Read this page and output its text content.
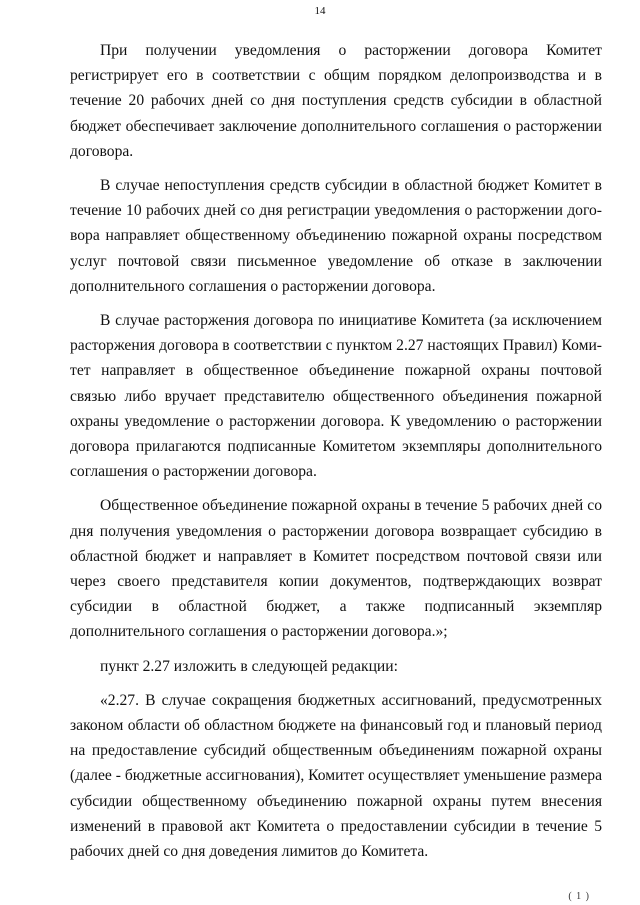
14

При получении уведомления о расторжении договора Комитет регистрирует его в соответствии с общим порядком делопроизводства и в течение 20 рабочих дней со дня поступления средств субсидии в областной бюджет обеспечивает заключение дополнительного соглашения о расторжении договора.

В случае непоступления средств субсидии в областной бюджет Комитет в течение 10 рабочих дней со дня регистрации уведомления о расторжении договора направляет общественному объединению пожарной охраны посредством услуг почтовой связи письменное уведомление об отказе в заключении дополнительного соглашения о расторжении договора.

В случае расторжения договора по инициативе Комитета (за исключением расторжения договора в соответствии с пунктом 2.27 настоящих Правил) Комитет направляет в общественное объединение пожарной охраны почтовой связью либо вручает представителю общественного объединения пожарной охраны уведомление о расторжении договора. К уведомлению о расторжении договора прилагаются подписанные Комитетом экземпляры дополнительного соглашения о расторжении договора.

Общественное объединение пожарной охраны в течение 5 рабочих дней со дня получения уведомления о расторжении договора возвращает субсидию в областной бюджет и направляет в Комитет посредством почтовой связи или через своего представителя копии документов, подтверждающих возврат субсидии в областной бюджет, а также подписанный экземпляр дополнительного соглашения о расторжении договора.»;

пункт 2.27 изложить в следующей редакции:

«2.27. В случае сокращения бюджетных ассигнований, предусмотренных законом области об областном бюджете на финансовый год и плановый период на предоставление субсидий общественным объединениям пожарной охраны (далее - бюджетные ассигнования), Комитет осуществляет уменьшение размера субсидии общественному объединению пожарной охраны путем внесения изменений в правовой акт Комитета о предоставлении субсидии в течение 5 рабочих дней со дня доведения лимитов до Комитета.

( 1 )
